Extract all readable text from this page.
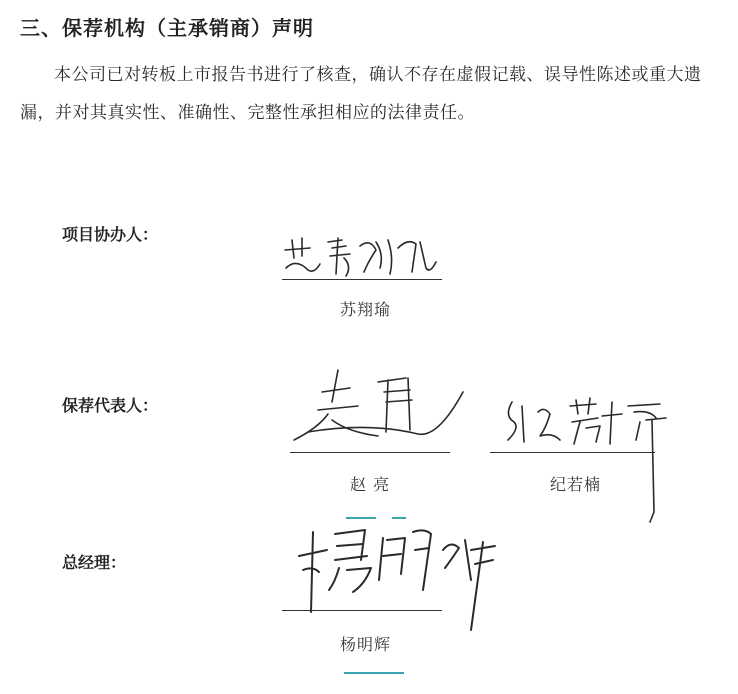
三、保荐机构（主承销商）声明
本公司已对转板上市报告书进行了核查，确认不存在虚假记载、误导性陈述或重大遗漏，并对其真实性、准确性、完整性承担相应的法律责任。
项目协办人：
苏翔瑜
保荐代表人：
赵 亮	纪若楠
总经理：
杨明辉
